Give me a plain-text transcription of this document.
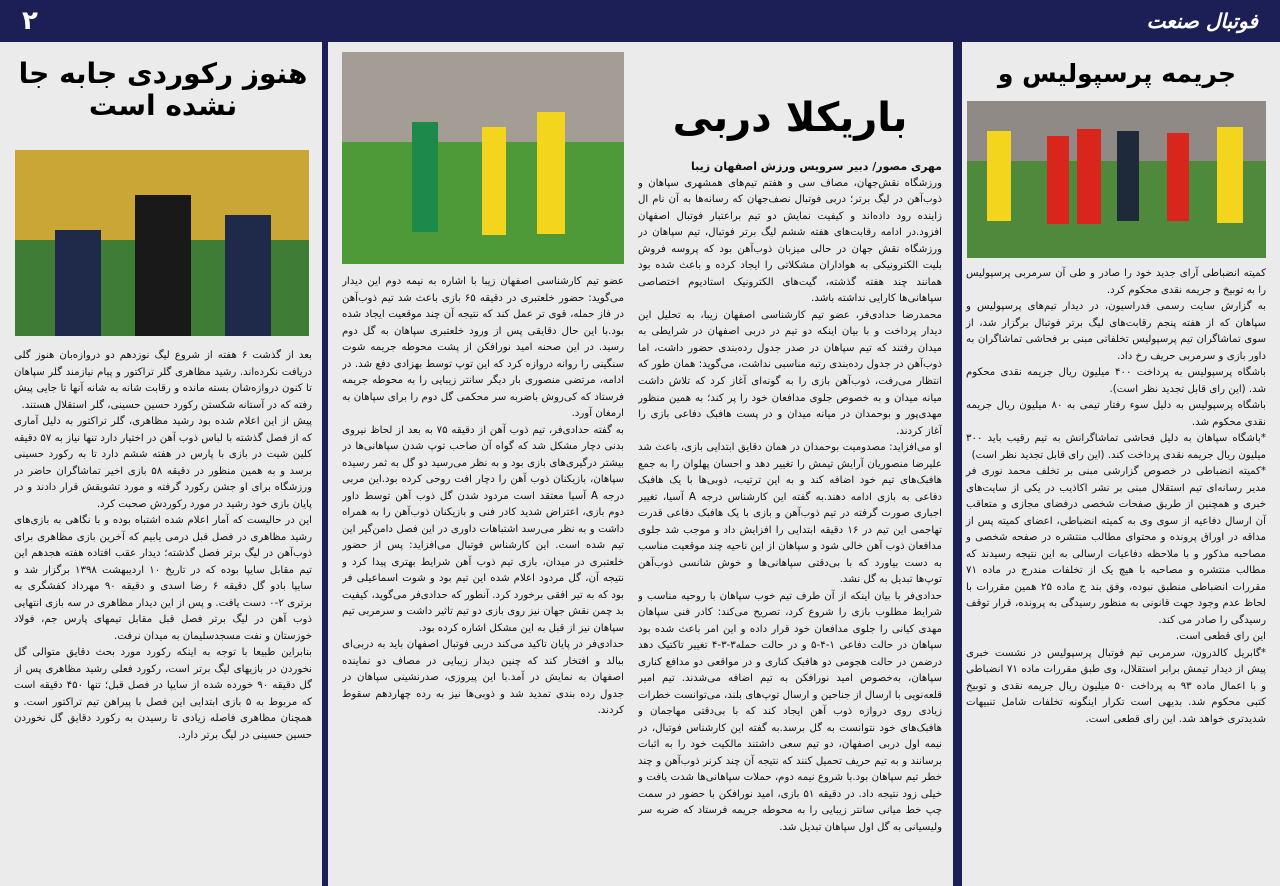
۲	فوتبال صنعت
جریمه پرسپولیس و

کمیته انضباطی آرای جدید خود را صادر و طی آن سرمربی پرسپولیس را به توبیخ و جریمه نقدی محکوم کرد.

به گزارش سایت رسمی فدراسیون، در دیدار تیم‌های پرسپولیس و سپاهان که از هفته پنجم رقابت‌های لیگ برتر فوتبال برگزار شد، از سوی تماشاگران تیم پرسپولیس تخلفاتی مبنی بر فحاشی تماشاگران به داور بازی و سرمربی حریف رخ داد.

باشگاه پرسپولیس به پرداخت ۴۰۰ میلیون ریال جریمه نقدی محکوم شد. (این رای قابل تجدید نظر است).

باشگاه پرسپولیس به دلیل سوء رفتار تیمی به ۸۰ میلیون ریال جریمه نقدی محکوم شد.

*باشگاه سپاهان به دلیل فحاشی تماشاگرانش به تیم رقیب باید ۳۰۰ میلیون ریال جریمه نقدی پرداخت کند. (این رای قابل تجدید نظر است)

*کمیته انضباطی در خصوص گزارشی مبنی بر تخلف محمد نوری فر مدیر رسانه‌ای تیم استقلال مبنی بر نشر اکاذیب در یکی از سایت‌های خبری و همچنین از طریق صفحات شخصی درفضای مجازی و متعاقب آن ارسال دفاعیه از سوی وی به کمیته انضباطی، اعضای کمیته پس از مداقه در اوراق پرونده و محتوای مطالب منتشره در صفحه شخصی و مصاحبه مذکور و با ملاحظه دفاعیات ارسالی به این نتیجه رسیدند که مطالب منتشره و مصاحبه با هیچ یک از تخلفات مندرج در ماده ۷۱ مقررات انضباطی منطبق نبوده، وفق بند ج ماده ۲۵ همین مقررات با لحاظ عدم وجود جهت قانونی به منظور رسیدگی به پرونده، قرار توقف رسیدگی را صادر می کند.

این رای قطعی است.

*گابریل کالدرون، سرمربی تیم فوتبال پرسپولیس در نشست خبری پیش از دیدار تیمش برابر استقلال، وی طبق مقررات ماده ۷۱ انضباطی و با اعمال ماده ۹۳ به پرداخت ۵۰ میلیون ریال جریمه نقدی و توبیخ کتبی محکوم شد. بدیهی است تکرار اینگونه تخلفات شامل تنبیهات شدیدتری خواهد شد. این رای قطعی است.

باریکلا دربی

مهری مصور/ دبیر سرویس ورزش اصفهان زیبا

ورزشگاه نقش‌جهان، مصاف سی و هفتم تیم‌های همشهری سپاهان و ذوب‌آهن در لیگ برتر؛ دربی فوتبال نصف‌جهان که رسانه‌ها به آن نام ال زاینده رود داده‌اند و کیفیت نمایش دو تیم براعتبار فوتبال اصفهان افزود.در ادامه رقابت‌های هفته ششم لیگ برتر فوتبال، تیم سپاهان در ورزشگاه نقش جهان در حالی میزبان ذوب‌آهن بود که پروسه فروش بلیت الکترونیکی به هواداران مشکلاتی را ایجاد کرده و باعث شده بود همانند چند هفته گذشته، گیت‌های الکترونیک استادیوم اختصاصی سپاهانی‌ها کارایی نداشته باشد.

محمدرضا حدادی‌فر، عضو تیم کارشناسی اصفهان زیبا، به تحلیل این دیدار پرداخت و با بیان اینکه دو تیم در دربی اصفهان در شرایطی به میدان رفتند که تیم سپاهان در صدر جدول رده‌بندی حضور داشت، اما ذوب‌آهن در جدول رده‌بندی رتبه مناسبی نداشت، می‌گوید: همان طور که انتظار می‌رفت، ذوب‌آهن بازی را به گونه‌ای آغاز کرد که تلاش داشت میانه میدان و به خصوص جلوی مدافعان خود را پر کند؛ به همین منظور مهدی‌پور و بوحمدان در میانه میدان و در پست هافبک دفاعی بازی را آغاز کردند.

او می‌افزاید: مصدومیت بوحمدان در همان دقایق ابتدایی بازی، باعث شد علیرضا منصوریان آرایش تیمش را تغییر دهد و احسان پهلوان را به جمع هافبک‌های تیم خود اضافه کند و به این ترتیب، ذوبی‌ها با یک هافبک دفاعی به بازی ادامه دهند.به گفته این کارشناس درجه A آسیا، تغییر اجباری صورت گرفته در تیم ذوب‌آهن و بازی با یک هافبک دفاعی قدرت تهاجمی این تیم در ۱۶ دقیقه ابتدایی را افزایش داد و موجب شد جلوی مدافعان ذوب آهن خالی شود و سپاهان از این ناحیه چند موقعیت مناسب به دست بیاورد که با بی‌دقتی سپاهانی‌ها و خوش شانسی ذوب‌آهن توپ‌ها تبدیل به گل نشد.

حدادی‌فر با بیان اینکه از آن طرف تیم خوب سپاهان با روحیه مناسب و شرایط مطلوب بازی را شروع کرد، تصریح می‌کند: کادر فنی سپاهان مهدی کیانی را جلوی مدافعان خود قرار داده و این امر باعث شده بود سپاهان در حالت دفاعی ۱-۴-۵ و در حالت حمله۳-۳-۴ تغییر تاکتیک دهد درضمن در حالت هجومی دو هافبک کناری و در مواقعی دو مدافع کناری سپاهان، به‌خصوص امید نورافکن به تیم اضافه می‌شدند. تیم امیر قلعه‌نویی با ارسال از جناحین و ارسال توپ‌های بلند، می‌توانست خطرات زیادی روی دروازه ذوب آهن ایجاد کند که با بی‌دقتی مهاجمان و هافبک‌های خود نتوانست به گل برسد.به گفته این کارشناس فوتبال، در نیمه اول دربی اصفهان، دو تیم سعی داشتند مالکیت خود را به اثبات برسانند و به تیم حریف تحمیل کنند که نتیجه آن چند کرنر ذوب‌آهن و چند خطر تیم سپاهان بود.با شروع نیمه دوم، حملات سپاهانی‌ها شدت یافت و خیلی زود نتیجه داد. در دقیقه ۵۱ بازی، امید نورافکن با حضور در سمت چپ خط میانی سانتر زیبایی را به محوطه جریمه فرستاد که ضربه سر ولیسیانی به گل اول سپاهان تبدیل شد.

عضو تیم کارشناسی اصفهان زیبا با اشاره به نیمه دوم این دیدار می‌گوید: حضور خلعتبری در دقیقه ۶۵ بازی باعث شد تیم ذوب‌آهن در فاز حمله، قوی تر عمل کند که نتیجه آن چند موقعیت ایجاد شده بود.با این حال دقایقی پس از ورود خلعتبری سپاهان به گل دوم رسید. در این صحنه امید نورافکن از پشت محوطه جریمه شوت سنگینی را روانه دروازه کرد که این توپ توسط بهزادی دفع شد. در ادامه، مرتضی منصوری بار دیگر سانتر زیبایی را به محوطه جریمه فرستاد که کی‌روش باضربه سر محکمی گل دوم را برای سپاهان به ارمغان آورد.

به گفته حدادی‌فر، تیم ذوب آهن از دقیقه ۷۵ به بعد از لحاظ نیروی بدنی دچار مشکل شد که گواه آن صاحب توپ شدن سپاهانی‌ها در بیشتر درگیری‌های بازی بود و به نظر می‌رسید دو گل به ثمر رسیده سپاهان، بازیکنان ذوب آهن را دچار افت روحی کرده بود.این مربی درجه A آسیا معتقد است مردود شدن گل ذوب آهن توسط داور دوم بازی، اعتراض شدید کادر فنی و بازیکنان ذوب‌آهن را به همراه داشت و به نظر می‌رسد اشتباهات داوری در این فصل دامن‌گیر این تیم شده است. این کارشناس فوتبال می‌افزاید: پس از حضور خلعتبری در میدان، بازی تیم ذوب آهن شرایط بهتری پیدا کرد و نتیجه آن، گل مردود اعلام شده این تیم بود و شوت اسماعیلی فر بود که به تیر افقی برخورد کرد. آنطور که حدادی‌فر می‌گوید، کیفیت بد چمن نقش جهان نیز روی بازی دو تیم تاثیر داشت و سرمربی تیم سپاهان نیز از قبل به این مشکل اشاره کرده بود.

حدادی‌فر در پایان تاکید می‌کند دربی فوتبال اصفهان باید به دربی‌ای ببالد و افتخار کند که چنین دیدار زیبایی در مصاف دو نماینده اصفهان به نمایش در آمد.با این پیروزی، صدرنشینی سپاهان در جدول رده بندی تمدید شد و ذوبی‌ها نیز به رده چهاردهم سقوط کردند.

هنوز رکوردی جابه جا نشده است

بعد از گذشت ۶ هفته از شروع لیگ نوزدهم دو دروازه‌بان هنوز گلی دریافت نکرده‌اند. رشید مظاهری گلر تراکتور و پیام نیازمند گلر سپاهان تا کنون دروازه‌شان بسته مانده و رقابت شانه به شانه آنها تا جایی پیش رفته که در آستانه شکستن رکورد حسین حسینی، گلر استقلال هستند.

پیش از این اعلام شده بود رشید مظاهری، گلر تراکتور به دلیل آماری که از فصل گذشته با لباس ذوب آهن در اختیار دارد تنها نیاز به ۵۷ دقیقه کلین شیت در بازی با پارس در هفته ششم دارد تا به رکورد حسینی برسد و به همین منظور در دقیقه ۵۸ بازی اخیر تماشاگران حاضر در ورزشگاه برای او جشن رکورد گرفته و مورد تشویقش قرار دادند و در پایان بازی خود رشید در مورد رکوردش صحبت کرد.

این در حالیست که آمار اعلام شده اشتباه بوده و با نگاهی به بازی‌های رشید مظاهری در فصل قبل درمی یابیم که آخرین بازی مظاهری برای ذوب‌آهن در لیگ برتر فصل گذشته؛ دیدار عقب افتاده هفته هجدهم این تیم مقابل سایپا بوده که در تاریخ ۱۰ اردیبهشت ۱۳۹۸ برگزار شد و سایپا بادو گل دقیقه ۶ رضا اسدی و دقیقه ۹۰ مهرداد کفشگری به برتری ۲-۰ دست یافت. و پس از این دیدار مظاهری در سه بازی انتهایی ذوب آهن در لیگ برتر فصل قبل مقابل تیمهای پارس جم، فولاد خوزستان و نفت مسجدسلیمان به میدان نرفت.

بنابراین طبیعا با توجه به اینکه رکورد مورد بحث دقایق متوالی گل نخوردن در بازیهای لیگ برتر است، رکورد فعلی رشید مظاهری پس از گل دقیقه ۹۰ خورده شده از سایپا در فصل قبل؛ تنها ۴۵۰ دقیقه است که مربوط به ۵ بازی ابتدایی این فصل با پیراهن تیم تراکتور است. و همچنان مظاهری فاصله زیادی تا رسیدن به رکورد دقایق گل نخوردن حسین حسینی در لیگ برتر دارد.
